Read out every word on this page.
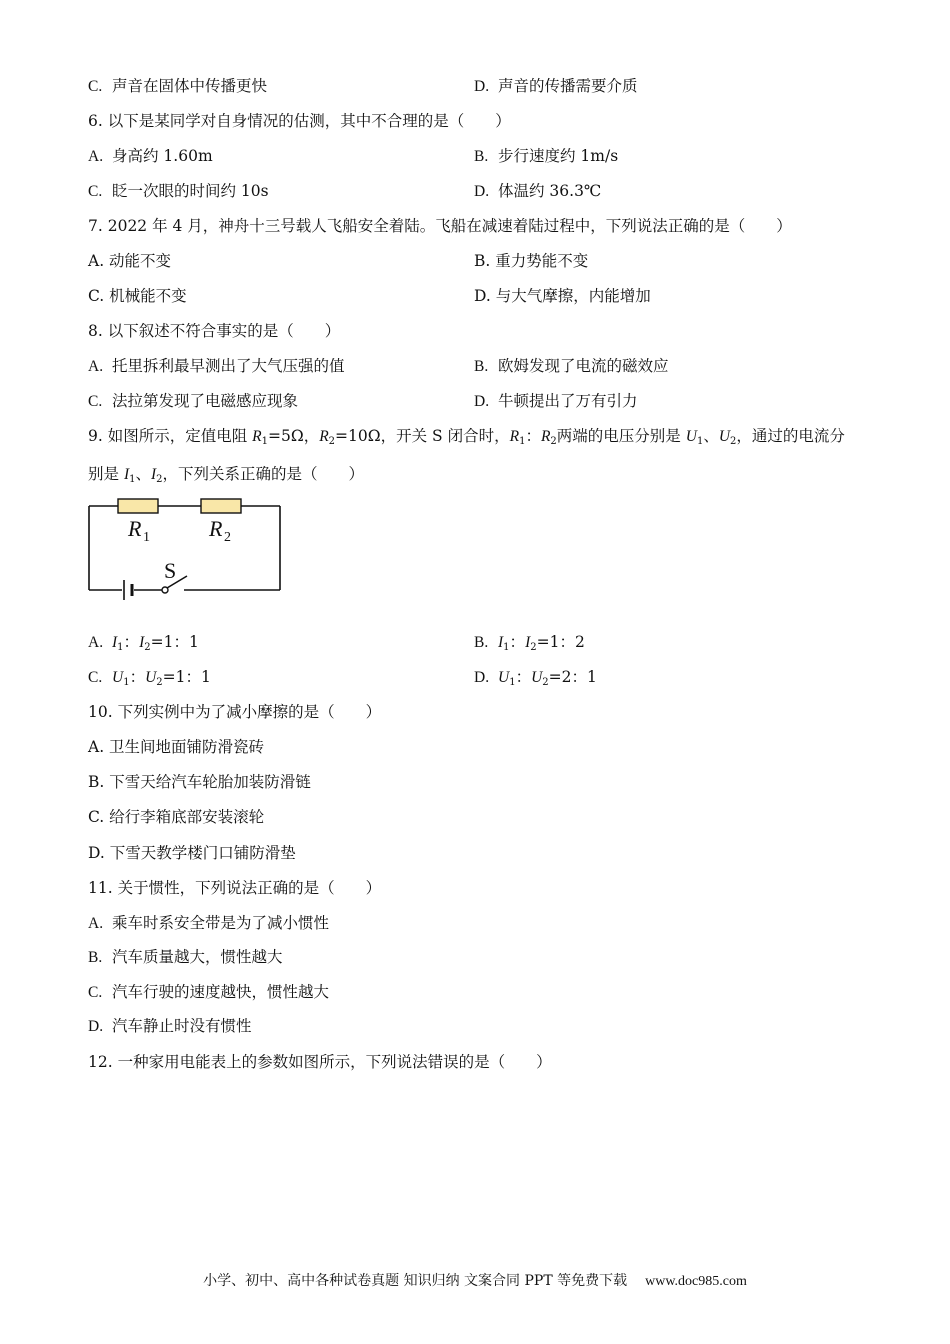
C. 声音在固体中传播更快	D. 声音的传播需要介质
6. 以下是某同学对自身情况的估测，其中不合理的是（　　）
A. 身高约 1.60m	B. 步行速度约 1m/s
C. 眨一次眼的时间约 10s	D. 体温约 36.3℃
7. 2022 年 4 月，神舟十三号载人飞船安全着陆。飞船在减速着陆过程中，下列说法正确的是（　　）
A. 动能不变	B. 重力势能不变
C. 机械能不变	D. 与大气摩擦，内能增加
8. 以下叙述不符合事实的是（　　）
A. 托里拆利最早测出了大气压强的值	B. 欧姆发现了电流的磁效应
C. 法拉第发现了电磁感应现象	D. 牛顿提出了万有引力
9. 如图所示，定值电阻 $R_1=5\Omega$，$R_2=10\Omega$，开关 S 闭合时，$R_1$：$R_2$两端的电压分别是 $U_1$、$U_2$，通过的电流分
别是 $I_1$、$I_2$，下列关系正确的是（　　）
S
R 1	R 2
A. $I_1$：$I_2=1$：1	B. $I_1$：$I_2=1$：2
C. $U_1$：$U_2=1$：1	D. $U_1$：$U_2=2$：1
10. 下列实例中为了减小摩擦的是（　　）
A. 卫生间地面铺防滑瓷砖
B. 下雪天给汽车轮胎加装防滑链
C. 给行李箱底部安装滚轮
D. 下雪天教学楼门口铺防滑垫
11. 关于惯性，下列说法正确的是（　　）
A. 乘车时系安全带是为了减小惯性
B. 汽车质量越大，惯性越大
C. 汽车行驶的速度越快，惯性越大
D. 汽车静止时没有惯性
12. 一种家用电能表上的参数如图所示，下列说法错误的是（　　）
小学、初中、高中各种试卷真题 知识归纳 文案合同 PPT 等免费下载 www.doc985.com
